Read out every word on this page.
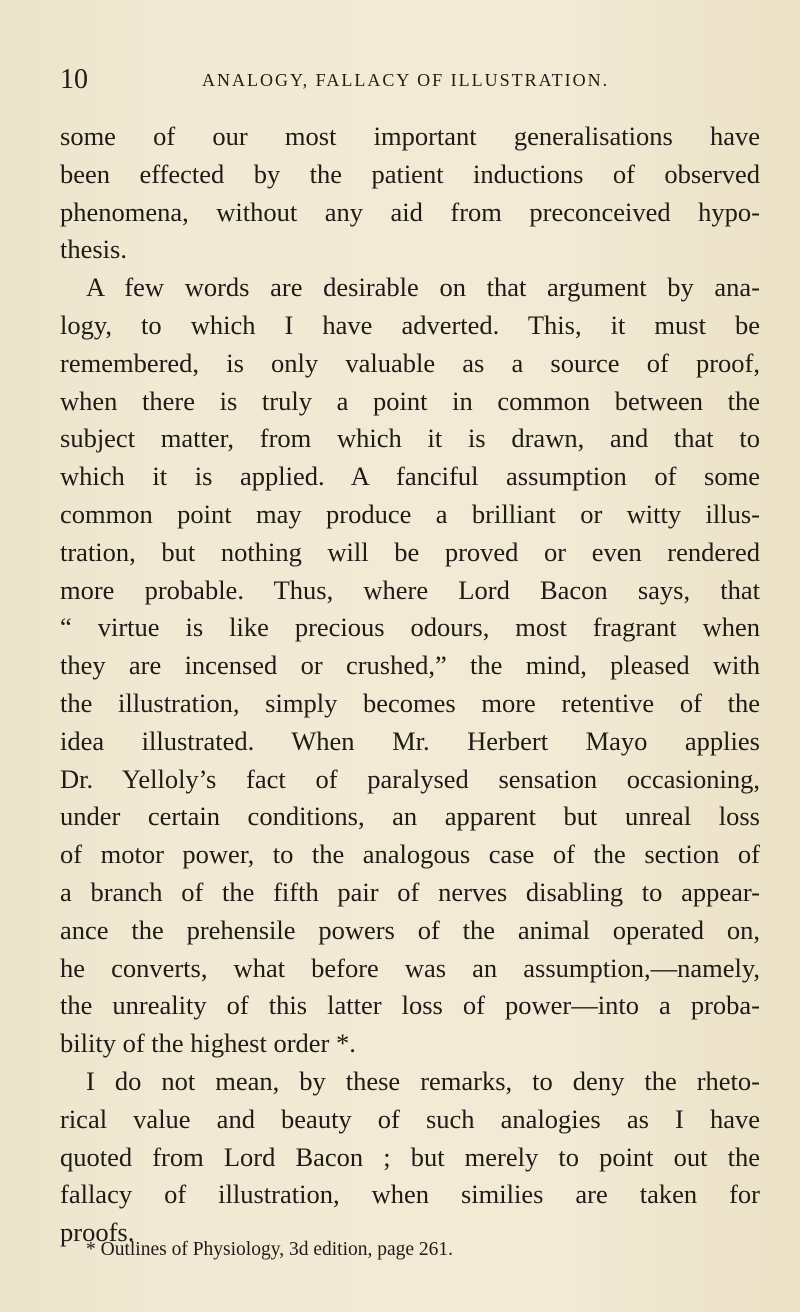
10	ANALOGY, FALLACY OF ILLUSTRATION.
some of our most important generalisations have
been effected by the patient inductions of observed
phenomena, without any aid from preconceived hypo-
thesis.
A few words are desirable on that argument by ana-
logy, to which I have adverted. This, it must be
remembered, is only valuable as a source of proof,
when there is truly a point in common between the
subject matter, from which it is drawn, and that to
which it is applied. A fanciful assumption of some
common point may produce a brilliant or witty illus-
tration, but nothing will be proved or even rendered
more probable. Thus, where Lord Bacon says, that
“ virtue is like precious odours, most fragrant when
they are incensed or crushed,” the mind, pleased with
the illustration, simply becomes more retentive of the
idea illustrated. When Mr. Herbert Mayo applies
Dr. Yelloly’s fact of paralysed sensation occasioning,
under certain conditions, an apparent but unreal loss
of motor power, to the analogous case of the section of
a branch of the fifth pair of nerves disabling to appear-
ance the prehensile powers of the animal operated on,
he converts, what before was an assumption,—namely,
the unreality of this latter loss of power—into a proba-
bility of the highest order *.
I do not mean, by these remarks, to deny the rheto-
rical value and beauty of such analogies as I have
quoted from Lord Bacon ; but merely to point out the
fallacy of illustration, when similies are taken for
proofs.
* Outlines of Physiology, 3d edition, page 261.
